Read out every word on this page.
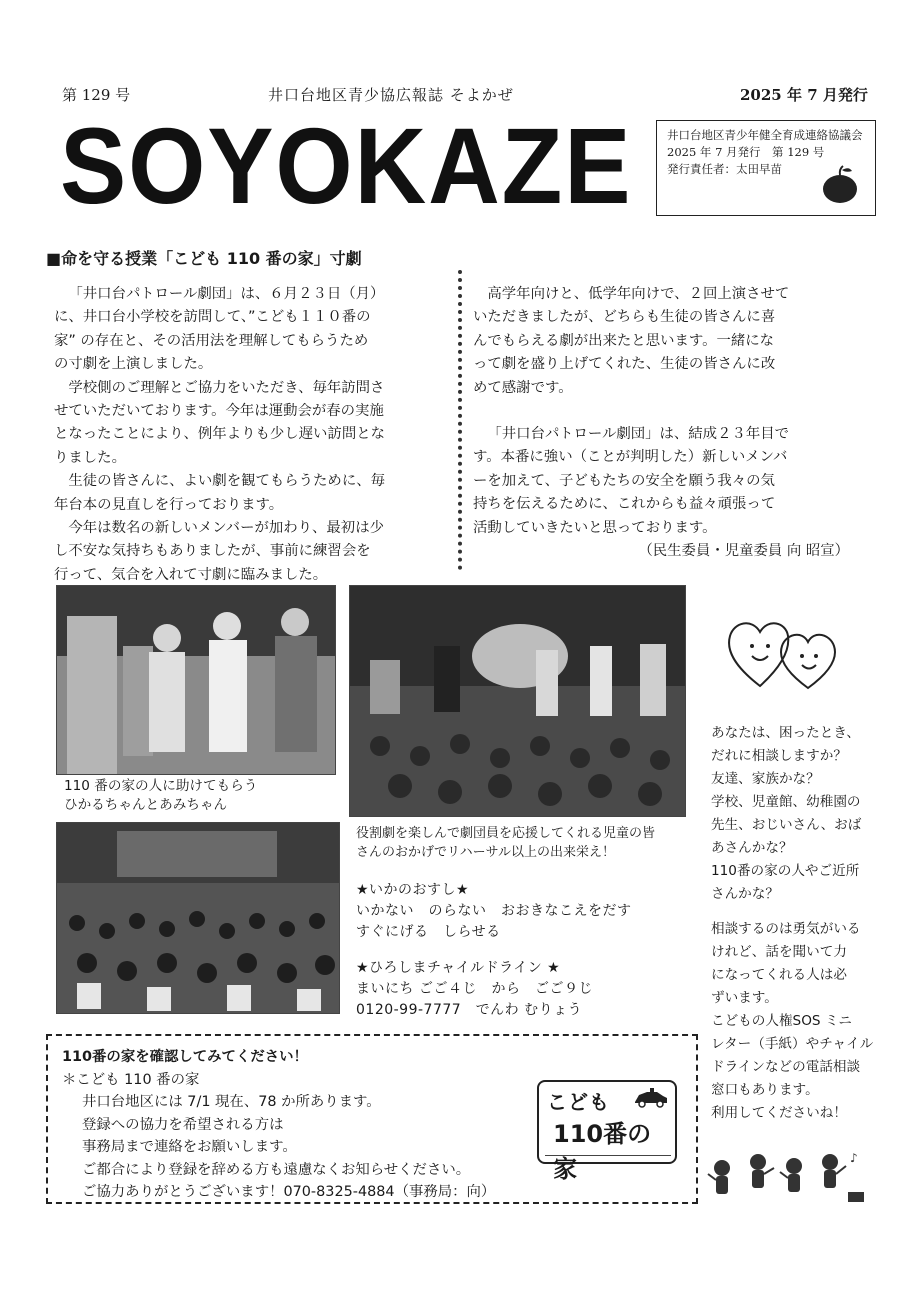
第 129 号	井口台地区青少協広報誌 そよかぜ	2025 年 7 月発行
SOYOKAZE	井口台地区青少年健全育成連絡協議会
2025 年 7 月発行　第 129 号
発行責任者：太田早苗
■命を守る授業「こども 110 番の家」寸劇

「井口台パトロール劇団」は、６月２３日（月）

に、井口台小学校を訪問して、”こども１１０番の

家” の存在と、その活用法を理解してもらうため

の寸劇を上演しました。

学校側のご理解とご協力をいただき、毎年訪問さ

せていただいております。今年は運動会が春の実施

となったことにより、例年よりも少し遅い訪問とな

りました。

生徒の皆さんに、よい劇を観てもらうために、毎

年台本の見直しを行っております。

今年は数名の新しいメンバーが加わり、最初は少

し不安な気持ちもありましたが、事前に練習会を

行って、気合を入れて寸劇に臨みました。

高学年向けと、低学年向けで、２回上演させて

いただきましたが、どちらも生徒の皆さんに喜

んでもらえる劇が出来たと思います。一緒にな

って劇を盛り上げてくれた、生徒の皆さんに改

めて感謝です。

「井口台パトロール劇団」は、結成２３年目で

す。本番に強い（ことが判明した）新しいメンバ

ーを加えて、子どもたちの安全を願う我々の気

持ちを伝えるために、これからも益々頑張って

活動していきたいと思っております。

（民生委員・児童委員 向 昭宣）

110 番の家の人に助けてもらう
ひかるちゃんとあみちゃん
役割劇を楽しんで劇団員を応援してくれる児童の皆
さんのおかげでリハーサル以上の出来栄え！
★いかのおすし★
いかない　のらない　おおきなこえをだす
すぐにげる　しらせる
★ひろしまチャイルドライン ★
まいにち ごご４じ　から　ごご９じ
0120-99-7777　でんわ むりょう
あなたは、困ったとき、
だれに相談しますか？
友達、家族かな？
学校、児童館、幼稚園の
先生、おじいさん、おば
あさんかな？
110番の家の人やご近所
さんかな？
相談するのは勇気がいる
けれど、話を聞いて力
になってくれる人は必
ずいます。
こどもの人権SOS ミニ
レター（手紙）やチャイル
ドラインなどの電話相談
窓口もあります。
利用してくださいね！
♪
110番の家を確認してみてください！
＊こども 110 番の家
井口台地区には 7/1 現在、78 か所あります。
登録への協力を希望される方は
事務局まで連絡をお願いします。
ご都合により登録を辞める方も遠慮なくお知らせください。
ご協力ありがとうございます！070-8325-4884（事務局：向）
こども
110番の家
